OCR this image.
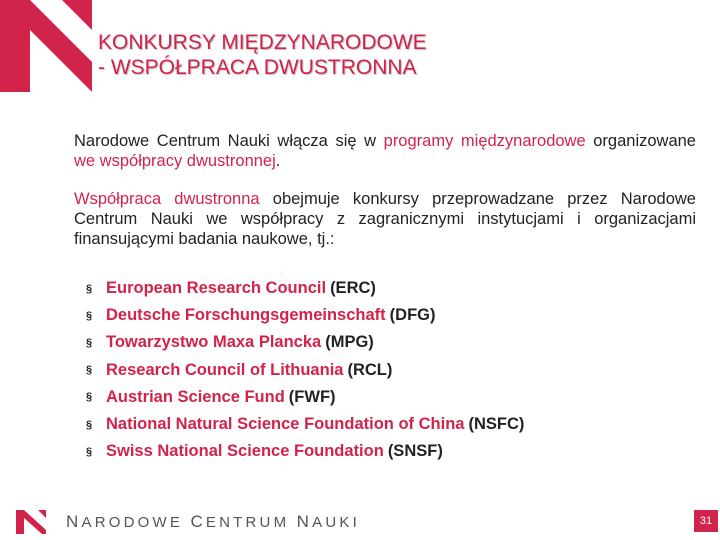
KONKURSY MIĘDZYNARODOWE
- WSPÓŁPRACA DWUSTRONNA
Narodowe Centrum Nauki włącza się w programy międzynarodowe organizowane we współpracy dwustronnej.
Współpraca dwustronna obejmuje konkursy przeprowadzane przez Narodowe Centrum Nauki we współpracy z zagranicznymi instytucjami i organizacjami finansującymi badania naukowe, tj.:
§ European Research Council (ERC)
§ Deutsche Forschungsgemeinschaft (DFG)
§ Towarzystwo Maxa Plancka (MPG)
§ Research Council of Lithuania (RCL)
§ Austrian Science Fund (FWF)
§ National Natural Science Foundation of China (NSFC)
§ Swiss National Science Foundation (SNSF)
NARODOWE CENTRUM NAUKI	31
